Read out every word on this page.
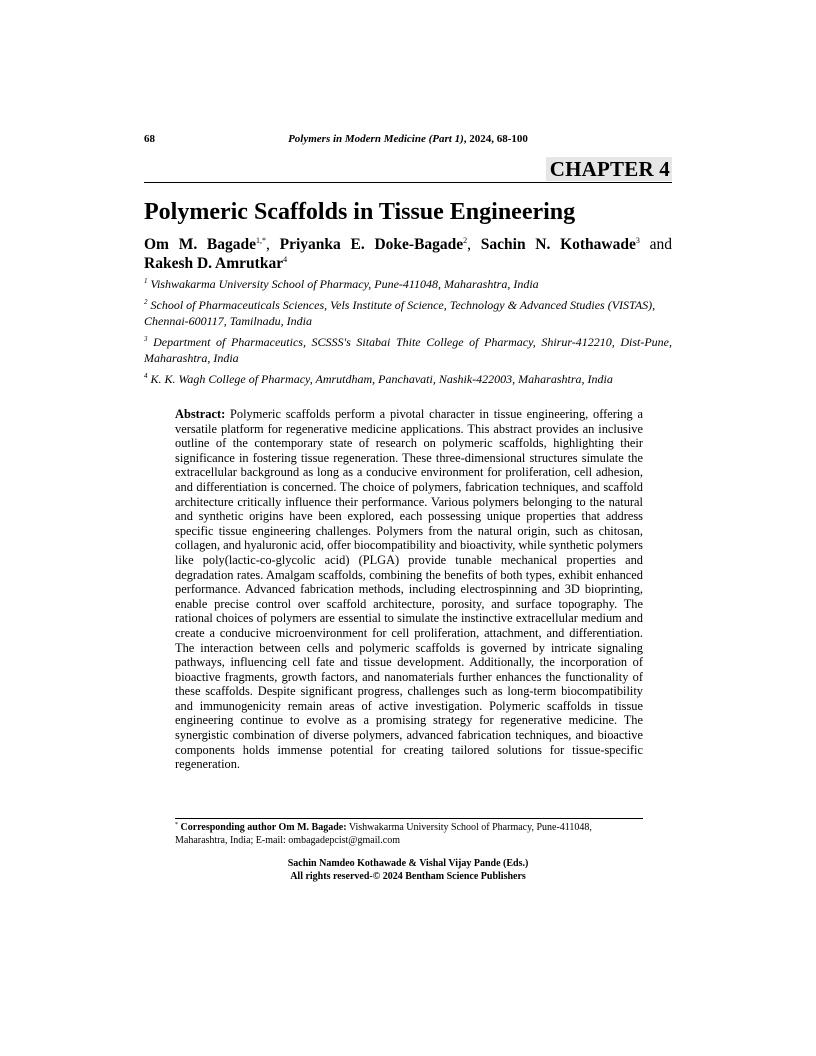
68	Polymers in Modern Medicine (Part 1), 2024, 68-100
CHAPTER 4
Polymeric Scaffolds in Tissue Engineering
Om M. Bagade$^{1,*}$, Priyanka E. Doke-Bagade$^2$, Sachin N. Kothawade$^3$ and
Rakesh D. Amrutkar$^4$

$^1$ Vishwakarma University School of Pharmacy, Pune-411048, Maharashtra, India

$^2$ School of Pharmaceuticals Sciences, Vels Institute of Science, Technology & Advanced Studies (VISTAS), Chennai-600117, Tamilnadu, India

$^3$ Department of Pharmaceutics, SCSSS's Sitabai Thite College of Pharmacy, Shirur-412210, Dist-Pune, Maharashtra, India

$^4$ K. K. Wagh College of Pharmacy, Amrutdham, Panchavati, Nashik-422003, Maharashtra, India

Abstract: Polymeric scaffolds perform a pivotal character in tissue engineering, offering a versatile platform for regenerative medicine applications. This abstract provides an inclusive outline of the contemporary state of research on polymeric scaffolds, highlighting their significance in fostering tissue regeneration. These three-dimensional structures simulate the extracellular background as long as a conducive environment for proliferation, cell adhesion, and differentiation is concerned. The choice of polymers, fabrication techniques, and scaffold architecture critically influence their performance. Various polymers belonging to the natural and synthetic origins have been explored, each possessing unique properties that address specific tissue engineering challenges. Polymers from the natural origin, such as chitosan, collagen, and hyaluronic acid, offer biocompatibility and bioactivity, while synthetic polymers like poly(lactic-co-glycolic acid) (PLGA) provide tunable mechanical properties and degradation rates. Amalgam scaffolds, combining the benefits of both types, exhibit enhanced performance. Advanced fabrication methods, including electrospinning and 3D bioprinting, enable precise control over scaffold architecture, porosity, and surface topography. The rational choices of polymers are essential to simulate the instinctive extracellular medium and create a conducive microenvironment for cell proliferation, attachment, and differentiation. The interaction between cells and polymeric scaffolds is governed by intricate signaling pathways, influencing cell fate and tissue development. Additionally, the incorporation of bioactive fragments, growth factors, and nanomaterials further enhances the functionality of these scaffolds. Despite significant progress, challenges such as long-term biocompatibility and immunogenicity remain areas of active investigation. Polymeric scaffolds in tissue engineering continue to evolve as a promising strategy for regenerative medicine. The synergistic combination of diverse polymers, advanced fabrication techniques, and bioactive components holds immense potential for creating tailored solutions for tissue-specific regeneration.

* Corresponding author Om M. Bagade: Vishwakarma University School of Pharmacy, Pune-411048, Maharashtra, India; E-mail: ombagadepcist@gmail.com

Sachin Namdeo Kothawade & Vishal Vijay Pande (Eds.)
All rights reserved-© 2024 Bentham Science Publishers
